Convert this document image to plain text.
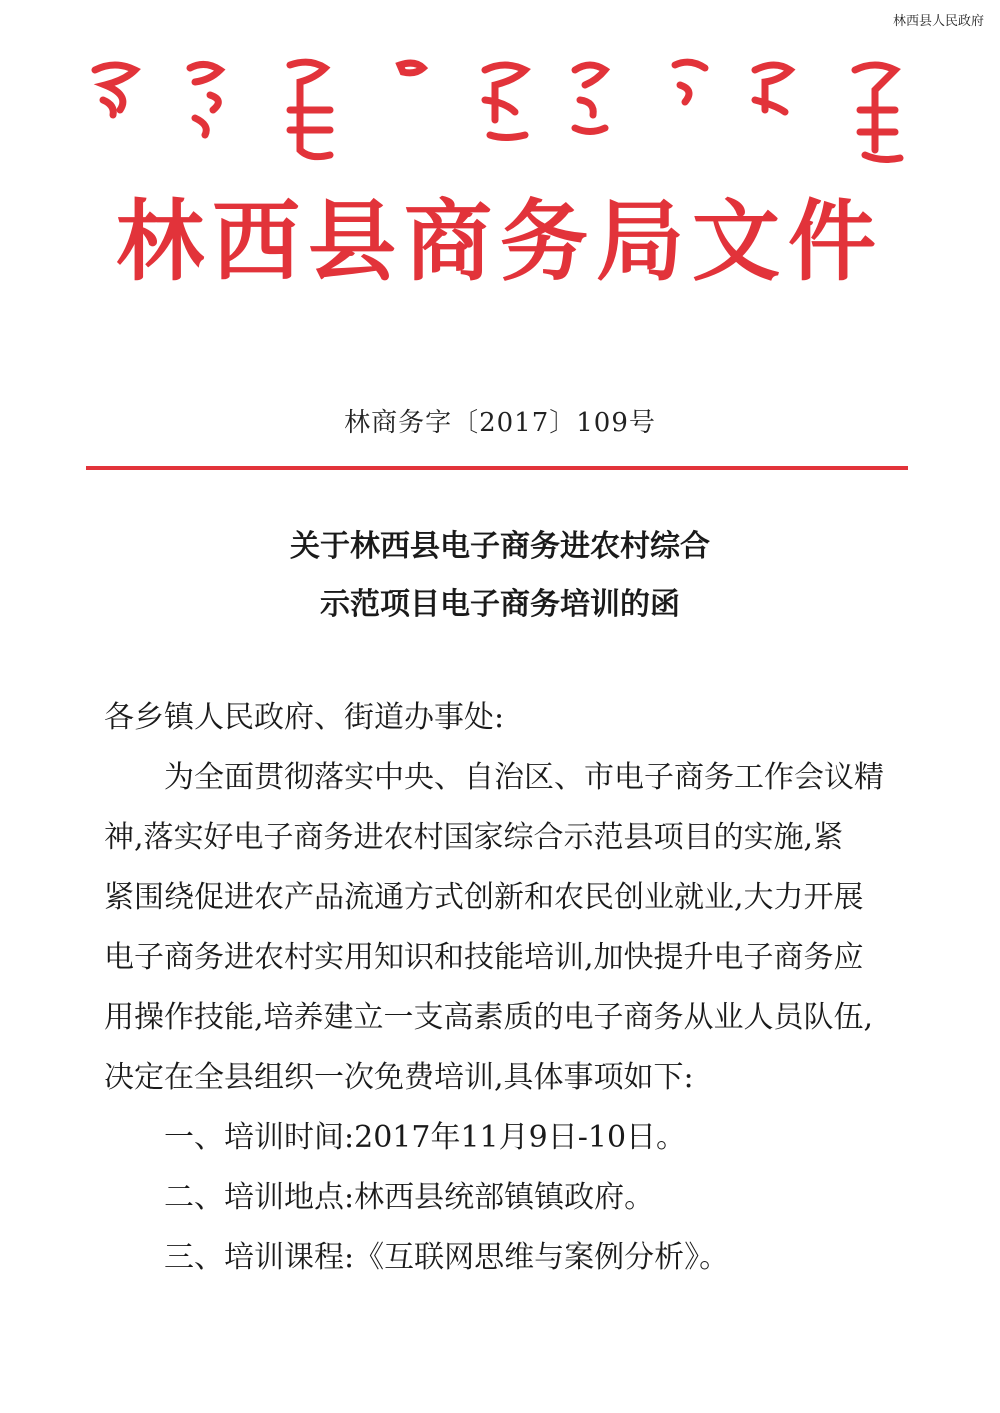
林西县人民政府
林西县商务局文件
林商务字〔2017〕109号
关于林西县电子商务进农村综合
示范项目电子商务培训的函
各乡镇人民政府、街道办事处:
为全面贯彻落实中央、自治区、市电子商务工作会议精
神,落实好电子商务进农村国家综合示范县项目的实施,紧
紧围绕促进农产品流通方式创新和农民创业就业,大力开展
电子商务进农村实用知识和技能培训,加快提升电子商务应
用操作技能,培养建立一支高素质的电子商务从业人员队伍,
决定在全县组织一次免费培训,具体事项如下:
一、培训时间:2017年11月9日-10日。
二、培训地点:林西县统部镇镇政府。
三、培训课程:《互联网思维与案例分析》。
